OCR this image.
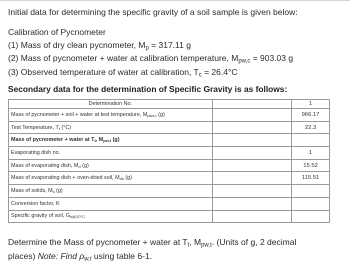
Initial data for determining the specific gravity of a soil sample is given below:
Calibration of Pycnometer
(1) Mass of dry clean pycnometer, $M_p = 317.11$ g
(2) Mass of pycnometer + water at calibration temperature, $M_{pw,c} = 903.03$ g
(3) Observed temperature of water at calibration, $T_c = 26.4^\circ C$
Secondary data for the determination of Specific Gravity is as follows:
Determination No.		1
Mass of pycnometer + soil + water at test temperature, $M_{pws,t}$ (g)		966.17
Test Temperature, $T_t$ (°C)		22.3
Mass of pycnometer + water at $T_t$, $M_{pw,t}$ (g)		
Evaporating dish no.		1
Mass of evaporating dish, $M_d$ (g)		15.52
Mass of evaporating dish + oven-dried soil, $M_{ds}$ (g)		115.51
Mass of solids, $M_s$ (g)		
Conversion factor, K		
Specific gravity of soil, $G_{s@20^\circ C}$		
Determine the Mass of pycnometer + water at $T_t$, $M_{pw,t}$. (Units of g, 2 decimal
places) Note: Find $\rho_{w,t}$ using table 6-1.
